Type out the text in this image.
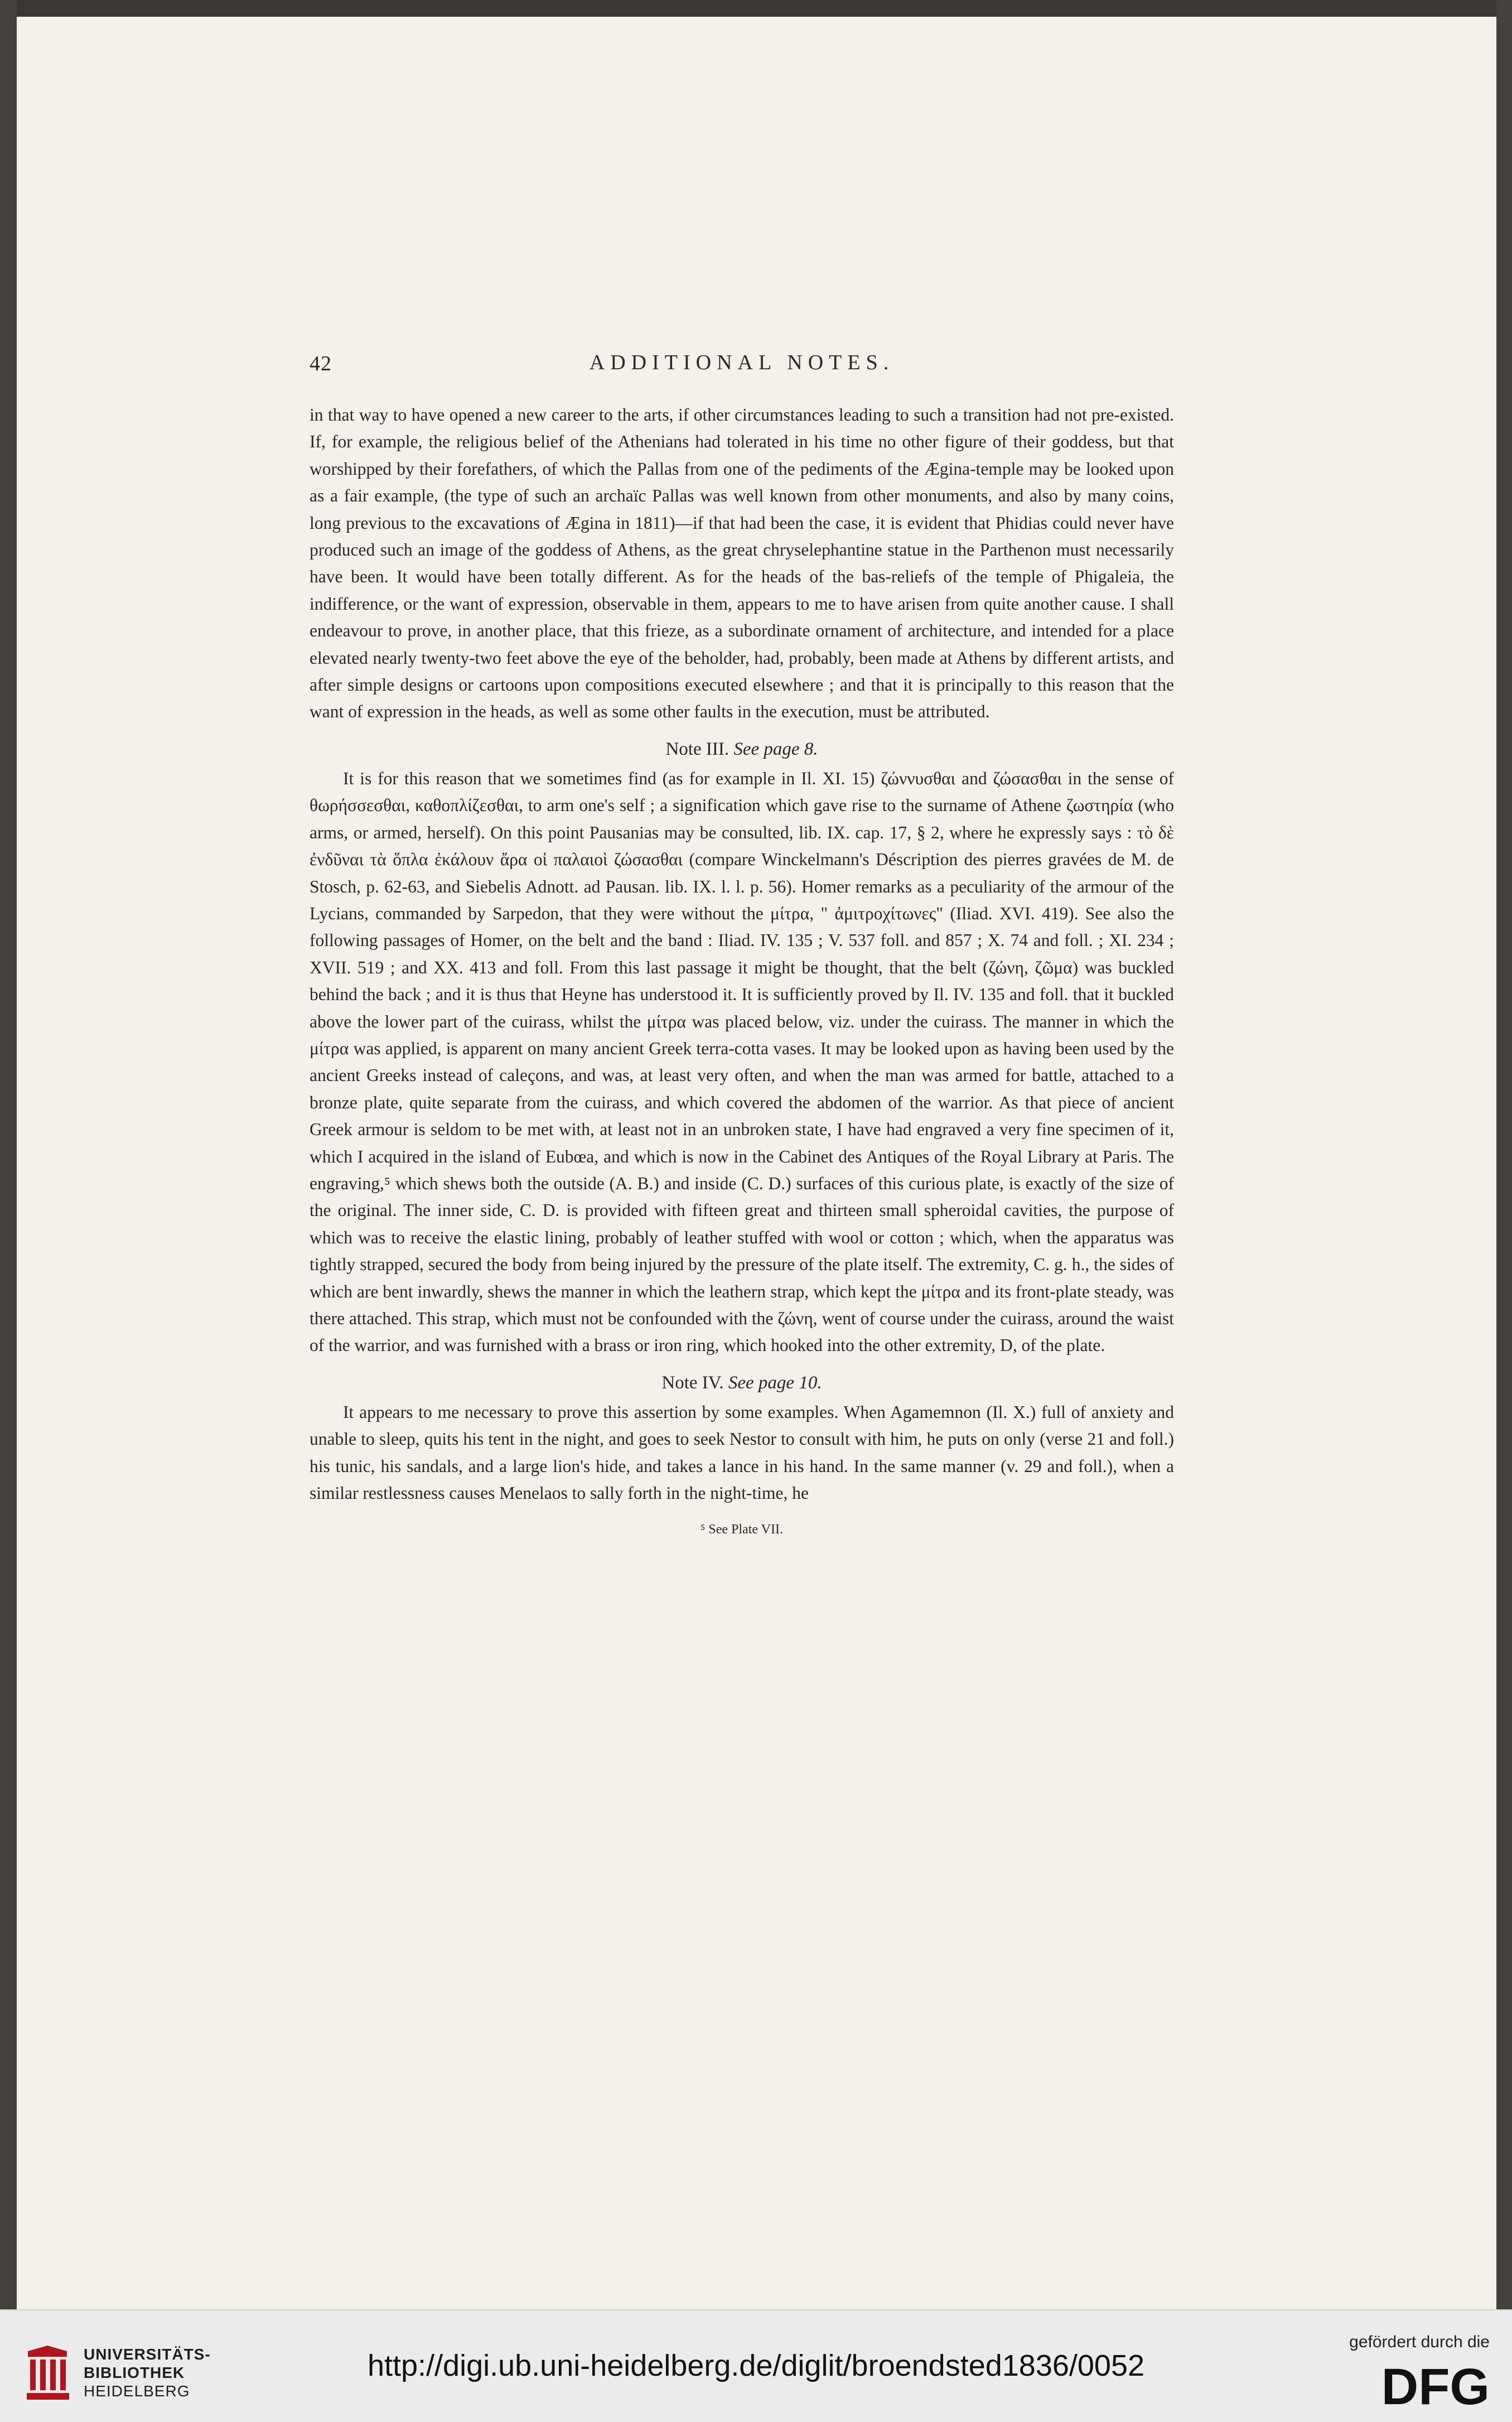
42	ADDITIONAL NOTES.

in that way to have opened a new career to the arts, if other circumstances leading to such a transition had not pre-existed. If, for example, the religious belief of the Athenians had tolerated in his time no other figure of their goddess, but that worshipped by their forefathers, of which the Pallas from one of the pediments of the Ægina-temple may be looked upon as a fair example, (the type of such an archaïc Pallas was well known from other monuments, and also by many coins, long previous to the excavations of Ægina in 1811)—if that had been the case, it is evident that Phidias could never have produced such an image of the goddess of Athens, as the great chryselephantine statue in the Parthenon must necessarily have been. It would have been totally different. As for the heads of the bas-reliefs of the temple of Phigaleia, the indifference, or the want of expression, observable in them, appears to me to have arisen from quite another cause. I shall endeavour to prove, in another place, that this frieze, as a subordinate ornament of architecture, and intended for a place elevated nearly twenty-two feet above the eye of the beholder, had, probably, been made at Athens by different artists, and after simple designs or cartoons upon compositions executed elsewhere ; and that it is principally to this reason that the want of expression in the heads, as well as some other faults in the execution, must be attributed.

Note III. See page 8.

It is for this reason that we sometimes find (as for example in Il. XI. 15) ζώννυσθαι and ζώσασθαι in the sense of θωρήσσεσθαι, καθοπλίζεσθαι, to arm one's self ; a signification which gave rise to the surname of Athene ζωστηρία (who arms, or armed, herself). On this point Pausanias may be consulted, lib. IX. cap. 17, § 2, where he expressly says : τὸ δὲ ἐνδῦναι τὰ ὅπλα ἐκάλουν ἄρα οἱ παλαιοὶ ζώσασθαι (compare Winckelmann's Déscription des pierres gravées de M. de Stosch, p. 62-63, and Siebelis Adnott. ad Pausan. lib. IX. l. l. p. 56). Homer remarks as a peculiarity of the armour of the Lycians, commanded by Sarpedon, that they were without the μίτρα, " ἀμιτροχίτωνες" (Iliad. XVI. 419). See also the following passages of Homer, on the belt and the band : Iliad. IV. 135 ; V. 537 foll. and 857 ; X. 74 and foll. ; XI. 234 ; XVII. 519 ; and XX. 413 and foll. From this last passage it might be thought, that the belt (ζώνη, ζῶμα) was buckled behind the back ; and it is thus that Heyne has understood it. It is sufficiently proved by Il. IV. 135 and foll. that it buckled above the lower part of the cuirass, whilst the μίτρα was placed below, viz. under the cuirass. The manner in which the μίτρα was applied, is apparent on many ancient Greek terra-cotta vases. It may be looked upon as having been used by the ancient Greeks instead of caleçons, and was, at least very often, and when the man was armed for battle, attached to a bronze plate, quite separate from the cuirass, and which covered the abdomen of the warrior. As that piece of ancient Greek armour is seldom to be met with, at least not in an unbroken state, I have had engraved a very fine specimen of it, which I acquired in the island of Eubœa, and which is now in the Cabinet des Antiques of the Royal Library at Paris. The engraving,⁵ which shews both the outside (A. B.) and inside (C. D.) surfaces of this curious plate, is exactly of the size of the original. The inner side, C. D. is provided with fifteen great and thirteen small spheroidal cavities, the purpose of which was to receive the elastic lining, probably of leather stuffed with wool or cotton ; which, when the apparatus was tightly strapped, secured the body from being injured by the pressure of the plate itself. The extremity, C. g. h., the sides of which are bent inwardly, shews the manner in which the leathern strap, which kept the μίτρα and its front-plate steady, was there attached. This strap, which must not be confounded with the ζώνη, went of course under the cuirass, around the waist of the warrior, and was furnished with a brass or iron ring, which hooked into the other extremity, D, of the plate.

Note IV. See page 10.

It appears to me necessary to prove this assertion by some examples. When Agamemnon (Il. X.) full of anxiety and unable to sleep, quits his tent in the night, and goes to seek Nestor to consult with him, he puts on only (verse 21 and foll.) his tunic, his sandals, and a large lion's hide, and takes a lance in his hand. In the same manner (v. 29 and foll.), when a similar restlessness causes Menelaos to sally forth in the night-time, he

⁵ See Plate VII.
UNIVERSITÄTS-
BIBLIOTHEK
HEIDELBERG
http://digi.ub.uni-heidelberg.de/diglit/broendsted1836/0052
gefördert durch die
DFG
